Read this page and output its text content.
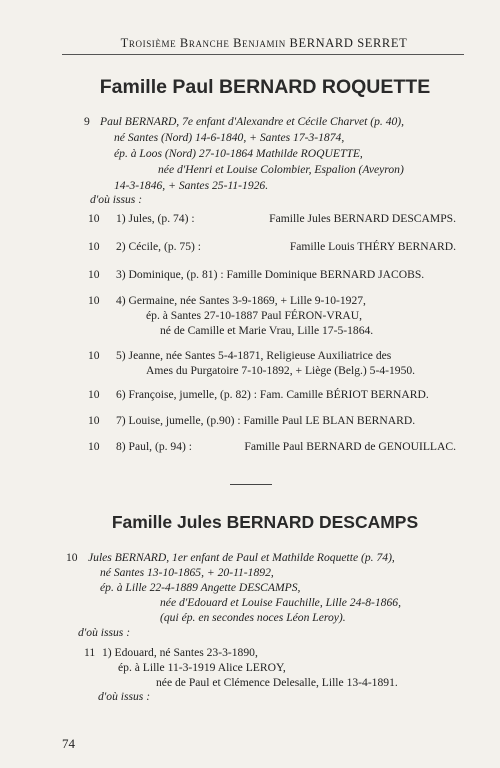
Troisième Branche Benjamin BERNARD SERRET
Famille Paul BERNARD ROQUETTE
9 Paul BERNARD, 7e enfant d'Alexandre et Cécile Charvet (p. 40),
né Santes (Nord) 14-6-1840, + Santes 17-3-1874,
ép. à Loos (Nord) 27-10-1864 Mathilde ROQUETTE,
née d'Henri et Louise Colombier, Espalion (Aveyron)
14-3-1846, + Santes 25-11-1926.
d'où issus :
10 1) Jules, (p. 74) :	Famille Jules BERNARD DESCAMPS.
10 2) Cécile, (p. 75) :	Famille Louis THÉRY BERNARD.
10 3) Dominique, (p. 81) : Famille Dominique BERNARD JACOBS.
10 4) Germaine, née Santes 3-9-1869, + Lille 9-10-1927,
ép. à Santes 27-10-1887 Paul FÉRON-VRAU,
né de Camille et Marie Vrau, Lille 17-5-1864.
10 5) Jeanne, née Santes 5-4-1871, Religieuse Auxiliatrice des
Ames du Purgatoire 7-10-1892, + Liège (Belg.) 5-4-1950.
10 6) Françoise, jumelle, (p. 82) : Fam. Camille BÉRIOT BERNARD.
10 7) Louise, jumelle, (p.90) : Famille Paul LE BLAN BERNARD.
10 8) Paul, (p. 94) :	Famille Paul BERNARD de GENOUILLAC.
Famille Jules BERNARD DESCAMPS
10 Jules BERNARD, 1er enfant de Paul et Mathilde Roquette (p. 74),
né Santes 13-10-1865, + 20-11-1892,
ép. à Lille 22-4-1889 Angette DESCAMPS,
née d'Edouard et Louise Fauchille, Lille 24-8-1866,
(qui ép. en secondes noces Léon Leroy).
d'où issus :
11 1) Edouard, né Santes 23-3-1890,
ép. à Lille 11-3-1919 Alice LEROY,
née de Paul et Clémence Delesalle, Lille 13-4-1891.
d'où issus :
74
